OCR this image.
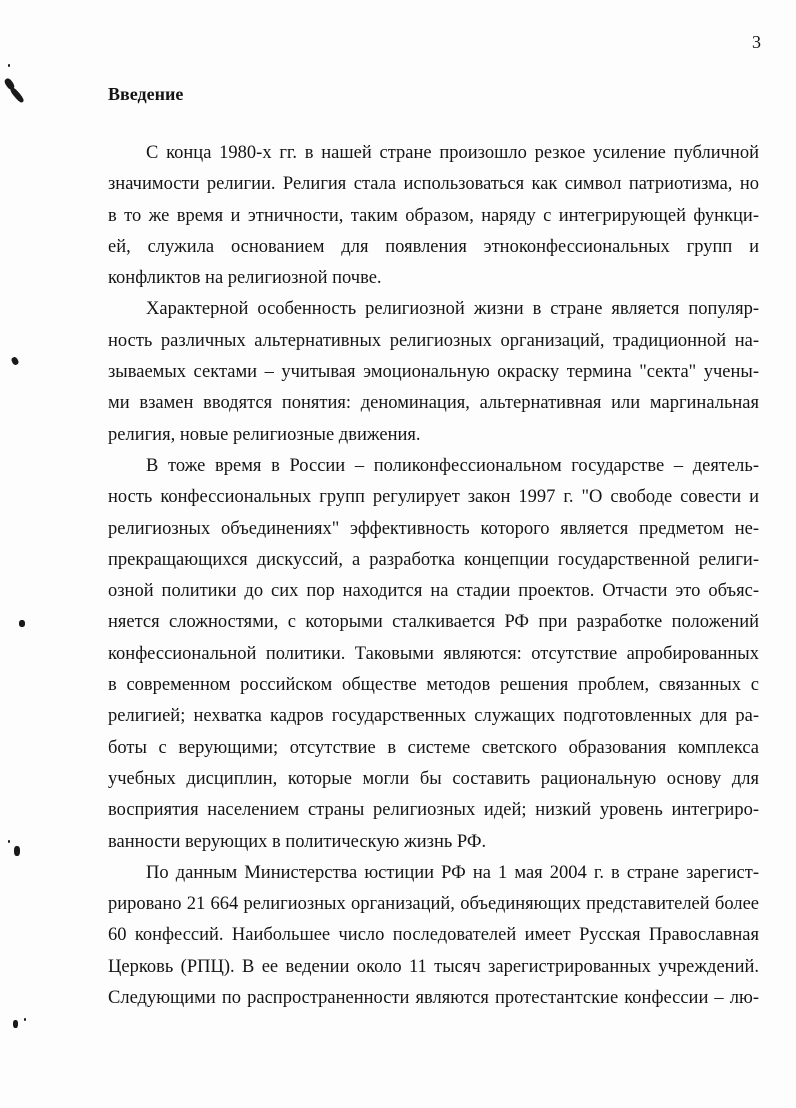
3
Введение
С конца 1980-х гг. в нашей стране произошло резкое усиление публичной
значимости религии. Религия стала использоваться как символ патриотизма, но
в то же время и этничности, таким образом, наряду с интегрирующей функци-
ей, служила основанием для появления этноконфессиональных групп и
конфликтов на религиозной почве.
Характерной особенность религиозной жизни в стране является популяр-
ность различных альтернативных религиозных организаций, традиционной на-
зываемых сектами – учитывая эмоциональную окраску термина "секта" учены-
ми взамен вводятся понятия: деноминация, альтернативная или маргинальная
религия, новые религиозные движения.
В тоже время в России – поликонфессиональном государстве – деятель-
ность конфессиональных групп регулирует закон 1997 г. "О свободе совести и
религиозных объединениях" эффективность которого является предметом не-
прекращающихся дискуссий, а разработка концепции государственной религи-
озной политики до сих пор находится на стадии проектов. Отчасти это объяс-
няется сложностями, с которыми сталкивается РФ при разработке положений
конфессиональной политики. Таковыми являются: отсутствие апробированных
в современном российском обществе методов решения проблем, связанных с
религией; нехватка кадров государственных служащих подготовленных для ра-
боты с верующими; отсутствие в системе светского образования комплекса
учебных дисциплин, которые могли бы составить рациональную основу для
восприятия населением страны религиозных идей; низкий уровень интегриро-
ванности верующих в политическую жизнь РФ.
По данным Министерства юстиции РФ на 1 мая 2004 г. в стране зарегист-
рировано 21 664 религиозных организаций, объединяющих представителей более
60 конфессий. Наибольшее число последователей имеет Русская Православная
Церковь (РПЦ). В ее ведении около 11 тысяч зарегистрированных учреждений.
Следующими по распространенности являются протестантские конфессии – лю-
